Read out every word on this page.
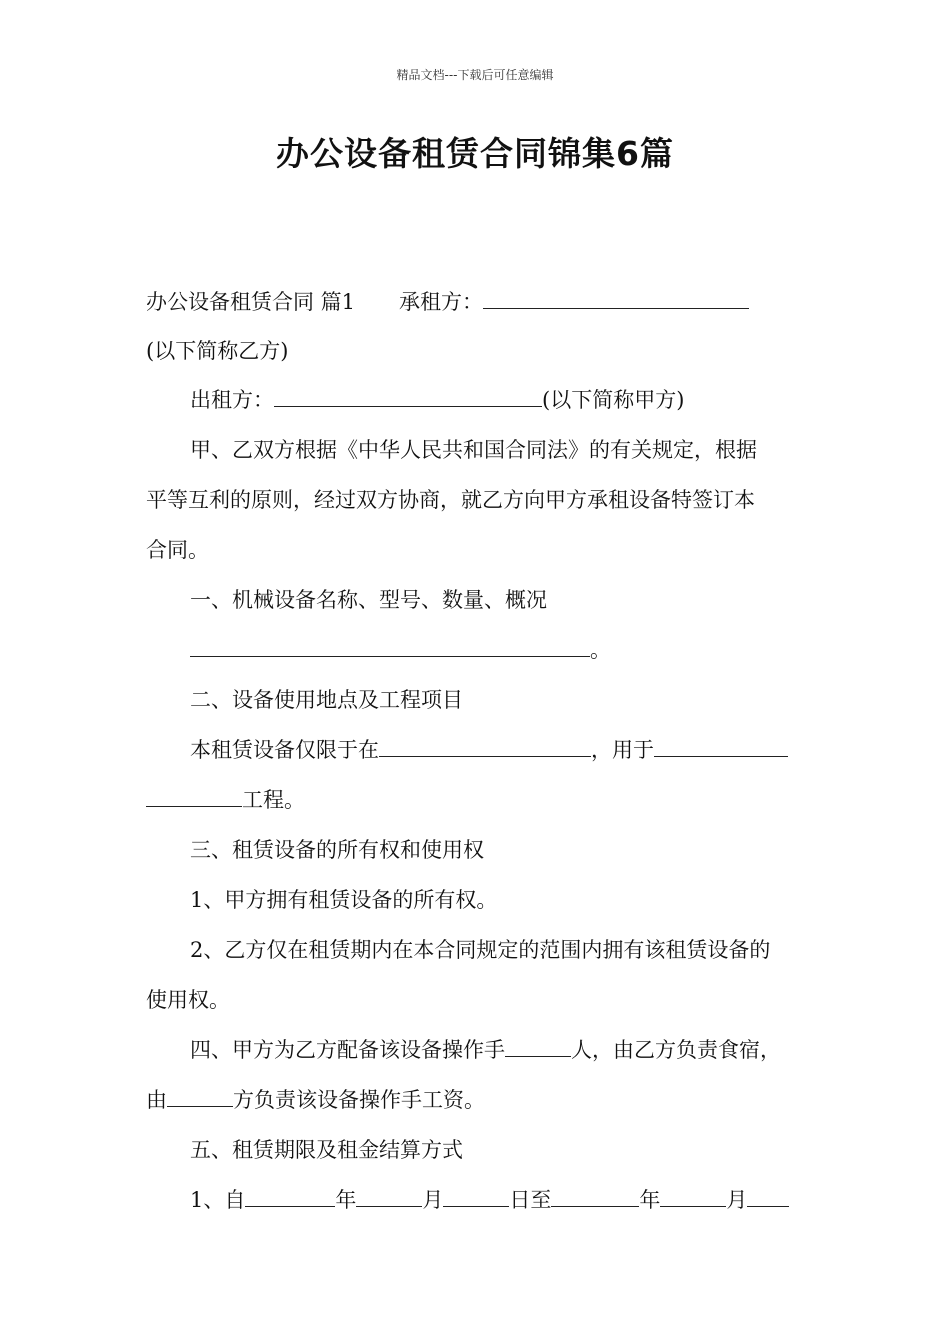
精品文档---下载后可任意编辑
办公设备租赁合同锦集6篇
办公设备租赁合同 篇1 承租方：
(以下简称乙方)
出租方：	(以下简称甲方)
甲、乙双方根据《中华人民共和国合同法》的有关规定，根据
平等互利的原则，经过双方协商，就乙方向甲方承租设备特签订本
合同。
一、机械设备名称、型号、数量、概况
。
二、设备使用地点及工程项目
本租赁设备仅限于在	，用于
工程。
三、租赁设备的所有权和使用权
1、甲方拥有租赁设备的所有权。
2、乙方仅在租赁期内在本合同规定的范围内拥有该租赁设备的
使用权。
四、甲方为乙方配备该设备操作手	人，由乙方负责食宿，
由	方负责该设备操作手工资。
五、租赁期限及租金结算方式
1、自	年	月	日至	年	月
